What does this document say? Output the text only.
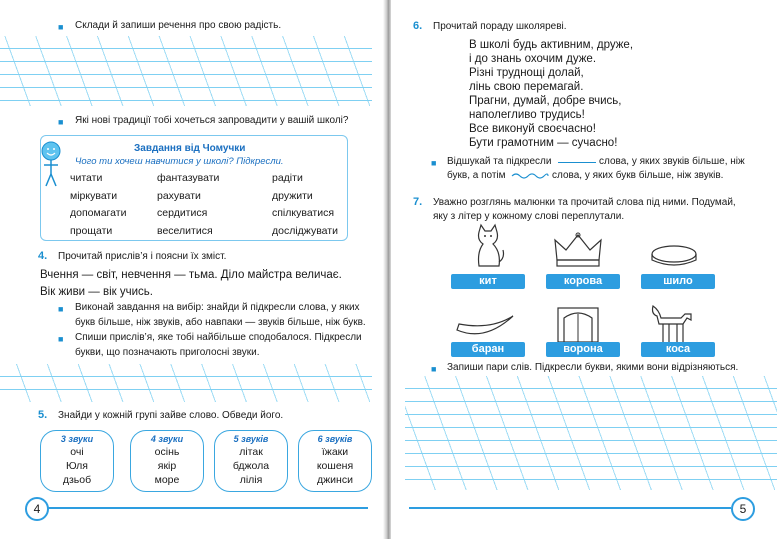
■ Склади й запиши речення про свою радість.
■ Які нові традиції тобі хочеться запровадити у вашій школі?
Завдання від Чомучки
Чого ти хочеш навчитися у школі? Підкресли.
читати	фантазувати	радіти
міркувати	рахувати	дружити
допомагати	сердитися	спілкуватися
прощати	веселитися	досліджувати
4. Прочитай прислів’я і поясни їх зміст.
Вчення — світ, невчення — тьма. Діло майстра величає.
Вік живи — вік учись.
■ Виконай завдання на вибір: знайди й підкресли слова, у яких
букв більше, ніж звуків, або навпаки — звуків більше, ніж букв.
■ Спиши прислів’я, яке тобі найбільше сподобалося. Підкресли
букви, що позначають приголосні звуки.
5. Знайди у кожній групі зайве слово. Обведи його.
3 звуки
очі
Юля
дзьоб
4 звуки
осінь
якір
море
5 звуків
літак
бджола
лілія
6 звуків
їжаки
кошеня
джинси
4
6. Прочитай пораду школяреві.
В школі будь активним, друже,
і до знань охочим дуже.
Різні труднощі долай,
лінь свою перемагай.
Прагни, думай, добре вчись,
наполегливо трудись!
Все виконуй своєчасно!
Бути грамотним — сучасно!
■ Відшукай та підкресли	слова, у яких звуків більше, ніж
букв, а потім	слова, у яких букв більше, ніж звуків.
7. Уважно розглянь малюнки та прочитай слова під ними. Подумай,
яку з літер у кожному слові переплутали.
кит	корова	шило
баран	ворона	коса
■ Запиши пари слів. Підкресли букви, якими вони відрізняються.
5
